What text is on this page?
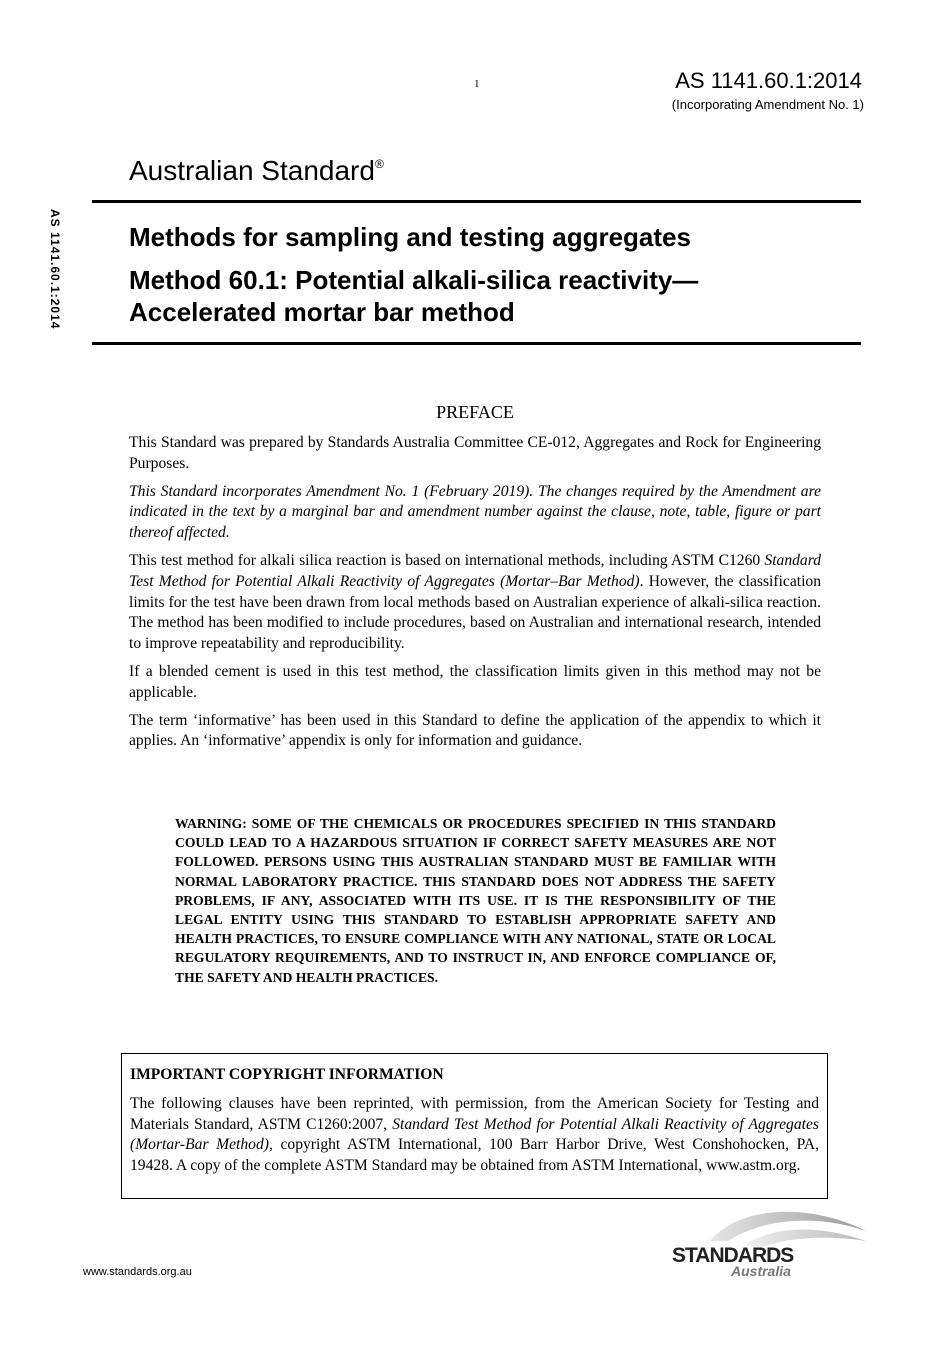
1	AS 1141.60.1:2014
(Incorporating Amendment No. 1)
Australian Standard®
AS 1141.60.1:2014	Methods for sampling and testing aggregates
Method 60.1: Potential alkali-silica reactivity—
Accelerated mortar bar method
PREFACE

This Standard was prepared by Standards Australia Committee CE-012, Aggregates and Rock for Engineering Purposes.

This Standard incorporates Amendment No. 1 (February 2019). The changes required by the Amendment are indicated in the text by a marginal bar and amendment number against the clause, note, table, figure or part thereof affected.

This test method for alkali silica reaction is based on international methods, including ASTM C1260 Standard Test Method for Potential Alkali Reactivity of Aggregates (Mortar–Bar Method). However, the classification limits for the test have been drawn from local methods based on Australian experience of alkali-silica reaction. The method has been modified to include procedures, based on Australian and international research, intended to improve repeatability and reproducibility.

If a blended cement is used in this test method, the classification limits given in this method may not be applicable.

The term ‘informative’ has been used in this Standard to define the application of the appendix to which it applies. An ‘informative’ appendix is only for information and guidance.

WARNING: SOME OF THE CHEMICALS OR PROCEDURES SPECIFIED IN THIS STANDARD COULD LEAD TO A HAZARDOUS SITUATION IF CORRECT SAFETY MEASURES ARE NOT FOLLOWED. PERSONS USING THIS AUSTRALIAN STANDARD MUST BE FAMILIAR WITH NORMAL LABORATORY PRACTICE. THIS STANDARD DOES NOT ADDRESS THE SAFETY PROBLEMS, IF ANY, ASSOCIATED WITH ITS USE. IT IS THE RESPONSIBILITY OF THE LEGAL ENTITY USING THIS STANDARD TO ESTABLISH APPROPRIATE SAFETY AND HEALTH PRACTICES, TO ENSURE COMPLIANCE WITH ANY NATIONAL, STATE OR LOCAL REGULATORY REQUIREMENTS, AND TO INSTRUCT IN, AND ENFORCE COMPLIANCE OF, THE SAFETY AND HEALTH PRACTICES.
IMPORTANT COPYRIGHT INFORMATION

The following clauses have been reprinted, with permission, from the American Society for Testing and Materials Standard, ASTM C1260:2007, Standard Test Method for Potential Alkali Reactivity of Aggregates (Mortar-Bar Method), copyright ASTM International, 100 Barr Harbor Drive, West Conshohocken, PA, 19428. A copy of the complete ASTM Standard may be obtained from ASTM International, www.astm.org.

www.standards.org.au
STANDARDS
Australia
